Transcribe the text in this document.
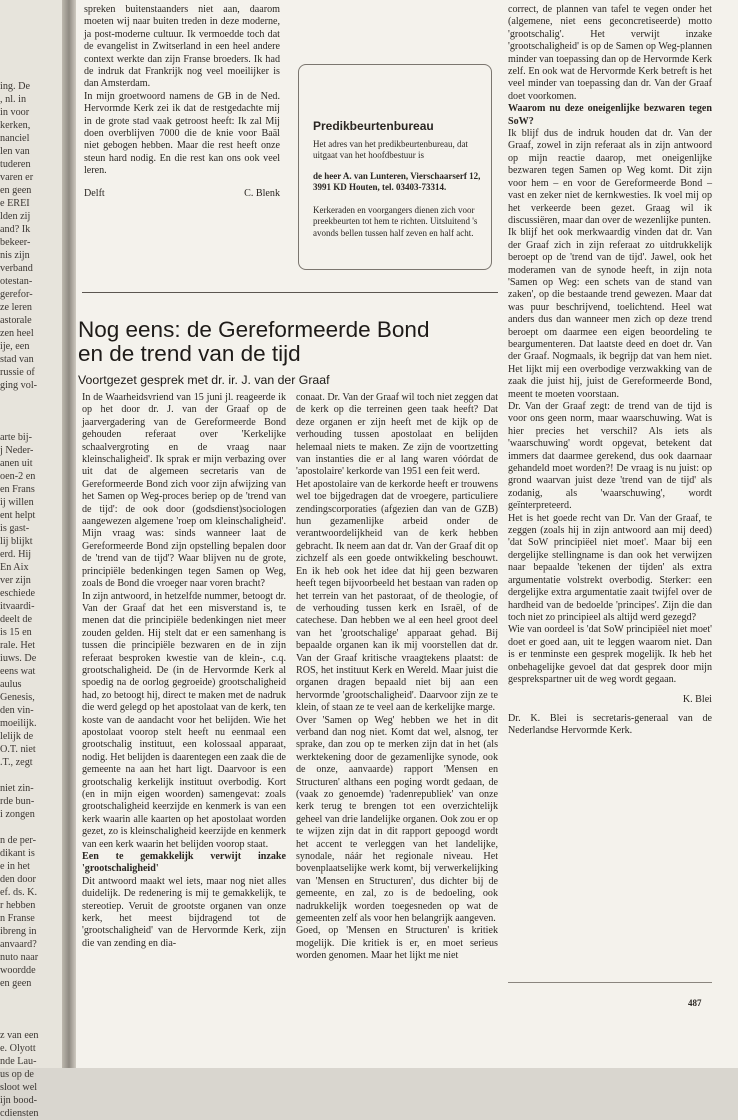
ing. De
, nl. in
in voor
kerken,
nanciel
len van
tuderen
varen er
en geen
e EREI
lden zij
and? Ik
bekeer-
nis zijn
verband
otestan-
gerefor-
ze leren
astorale
zen heel
ije, een
stad van
russie of
ging vol-
arte bij-
j Neder-
anen uit
oen-2 en
en Frans
ij willen
ent helpt
is gast-
lij blijkt
erd. Hij
En Aix
ver zijn
eschiede
itvaardi-
deelt de
is 15 en
rale. Het
iuws. De
eens wat
aulus
Genesis,
den vin-
moeilijk.
lelijk de
O.T. niet
.T., zegt
niet zin-
rde bun-
i zongen
n de per-
dikant is
e in het
den door
ef. ds. K.
r hebben
n Franse
ibreng in
anvaard?
nuto naar
woordde
en geen
z van een
e. Olyott
nde Lau-
us op de
sloot wel
ijn bood-
cdiensten

spreken buitenstaanders niet aan, daarom moeten wij naar buiten treden in deze moderne, ja post-moderne cultuur. Ik vermoedde toch dat de evangelist in Zwitserland in een heel andere context werkte dan zijn Franse broeders. Ik had de indruk dat Frankrijk nog veel moeilijker is dan Amsterdam.

In mijn groetwoord namens de GB in de Ned. Hervormde Kerk zei ik dat de restgedachte mij in de grote stad vaak getroost heeft: Ik zal Mij doen overblijven 7000 die de knie voor Baäl niet gebogen hebben. Maar die rest heeft onze steun hard nodig. En die rest kan ons ook veel leren.

Delft	C. Blenk
Predikbeurtenbureau
Het adres van het predikbeurtenbureau, dat uitgaat van het hoofdbestuur is
de heer A. van Lunteren, Vierschaarserf 12, 3991 KD Houten, tel. 03403-73314.
Kerkeraden en voorgangers dienen zich voor preekbeurten tot hem te richten. Uitsluitend 's avonds bellen tussen half zeven en half acht.
Nog eens: de Gereformeerde Bond
en de trend van de tijd
Voortgezet gesprek met dr. ir. J. van der Graaf

In de Waarheidsvriend van 15 juni jl. reageerde ik op het door dr. J. van der Graaf op de jaarvergadering van de Gereformeerde Bond gehouden referaat over 'Kerkelijke schaalvergroting en de vraag naar kleinschaligheid'. Ik sprak er mijn verbazing over uit dat de algemeen secretaris van de Gereformeerde Bond zich voor zijn afwijzing van het Samen op Weg-proces beriep op de 'trend van de tijd': de ook door (godsdienst)sociologen aangewezen algemene 'roep om kleinschaligheid'. Mijn vraag was: sinds wanneer laat de Gereformeerde Bond zijn opstelling bepalen door de 'trend van de tijd'? Waar blijven nu de grote, principiële bedenkingen tegen Samen op Weg, zoals de Bond die vroeger naar voren bracht?

In zijn antwoord, in hetzelfde nummer, betoogt dr. Van der Graaf dat het een misverstand is, te menen dat die principiële bedenkingen niet meer zouden gelden. Hij stelt dat er een samenhang is tussen die principiële bezwaren en de in zijn referaat besproken kwestie van de klein-, c.q. grootschaligheid. De (in de Hervormde Kerk al spoedig na de oorlog gegroeide) grootschaligheid had, zo betoogt hij, direct te maken met de nadruk die werd gelegd op het apostolaat van de kerk, ten koste van de aandacht voor het belijden. Wie het apostolaat voorop stelt heeft nu eenmaal een grootschalig instituut, een kolossaal apparaat, nodig. Het belijden is daarentegen een zaak die de gemeente na aan het hart ligt. Daarvoor is een grootschalig kerkelijk instituut overbodig. Kort (en in mijn eigen woorden) samengevat: zoals grootschaligheid keerzijde en kenmerk is van een kerk waarin alle kaarten op het apostolaat worden gezet, zo is kleinschaligheid keerzijde en kenmerk van een kerk waarin het belijden voorop staat.

Een te gemakkelijk verwijt inzake 'grootschaligheid'

Dit antwoord maakt wel iets, maar nog niet alles duidelijk. De redenering is mij te gemakkelijk, te stereotiep. Veruit de grootste organen van onze kerk, het meest bijdragend tot de 'grootschaligheid' van de Hervormde Kerk, zijn die van zending en dia-

conaat. Dr. Van der Graaf wil toch niet zeggen dat de kerk op die terreinen geen taak heeft? Dat deze organen er zijn heeft met de kijk op de verhouding tussen apostolaat en belijden helemaal niets te maken. Ze zijn de voortzetting van instanties die er al lang waren vóórdat de 'apostolaire' kerkorde van 1951 een feit werd.

Het apostolaire van de kerkorde heeft er trouwens wel toe bijgedragen dat de vroegere, particuliere zendingscorporaties (afgezien dan van de GZB) hun gezamenlijke arbeid onder de verantwoordelijkheid van de kerk hebben gebracht. Ik neem aan dat dr. Van der Graaf dit op zichzelf als een goede ontwikkeling beschouwt. En ik heb ook het idee dat hij geen bezwaren heeft tegen bijvoorbeeld het bestaan van raden op het terrein van het pastoraat, of de theologie, of de verhouding tussen kerk en Israël, of de catechese. Dan hebben we al een heel groot deel van het 'grootschalige' apparaat gehad. Bij bepaalde organen kan ik mij voorstellen dat dr. Van der Graaf kritische vraagtekens plaatst: de ROS, het instituut Kerk en Wereld. Maar juist die organen dragen bepaald niet bij aan een hervormde 'grootschaligheid'. Daarvoor zijn ze te klein, of staan ze te veel aan de kerkelijke marge.

Over 'Samen op Weg' hebben we het in dit verband dan nog niet. Komt dat wel, alsnog, ter sprake, dan zou op te merken zijn dat in het (als werktekening door de gezamenlijke synode, ook de onze, aanvaarde) rapport 'Mensen en Structuren' althans een poging wordt gedaan, de (vaak zo genoemde) 'radenrepubliek' van onze kerk terug te brengen tot een overzichtelijk geheel van drie landelijke organen. Ook zou er op te wijzen zijn dat in dit rapport gepoogd wordt het accent te verleggen van het landelijke, synodale, náár het regionale niveau. Het bovenplaatselijke werk komt, bij verwerkelijking van 'Mensen en Structuren', dus dichter bij de gemeente, en zal, zo is de bedoeling, ook nadrukkelijk worden toegesneden op wat de gemeenten zelf als voor hen belangrijk aangeven.

Goed, op 'Mensen en Structuren' is kritiek mogelijk. Die kritiek is er, en moet serieus worden genomen. Maar het lijkt me niet

correct, de plannen van tafel te vegen onder het (algemene, niet eens geconcretiseerde) motto 'grootschalig'. Het verwijt inzake 'grootschaligheid' is op de Samen op Weg-plannen minder van toepassing dan op de Hervormde Kerk zelf. En ook wat de Hervormde Kerk betreft is het veel minder van toepassing dan dr. Van der Graaf doet voorkomen.

Waarom nu deze oneigenlijke bezwaren tegen SoW?

Ik blijf dus de indruk houden dat dr. Van der Graaf, zowel in zijn referaat als in zijn antwoord op mijn reactie daarop, met oneigenlijke bezwaren tegen Samen op Weg komt. Dit zijn voor hem – en voor de Gereformeerde Bond – vast en zeker niet de kernkwesties. Ik voel mij op het verkeerde been gezet. Graag wil ik discussiëren, maar dan over de wezenlijke punten.

Ik blijf het ook merkwaardig vinden dat dr. Van der Graaf zich in zijn referaat zo uitdrukkelijk beroept op de 'trend van de tijd'. Jawel, ook het moderamen van de synode heeft, in zijn nota 'Samen op Weg: een schets van de stand van zaken', op die bestaande trend gewezen. Maar dat was puur beschrijvend, toelichtend. Heel wat anders dus dan wanneer men zich op deze trend beroept om daarmee een eigen beoordeling te beargumenteren. Dat laatste deed en doet dr. Van der Graaf. Nogmaals, ik begrijp dat van hem niet. Het lijkt mij een overbodige verzwakking van de zaak die juist hij, juist de Gereformeerde Bond, meent te moeten voorstaan.

Dr. Van der Graaf zegt: de trend van de tijd is voor ons geen norm, maar waarschuwing. Wat is hier precies het verschil? Als iets als 'waarschuwing' wordt opgevat, betekent dat immers dat daarmee gerekend, dus ook daarnaar gehandeld moet worden?! De vraag is nu juist: op grond waarvan juist deze 'trend van de tijd' als zodanig, als 'waarschuwing', wordt geïnterpreteerd.

Het is het goede recht van Dr. Van der Graaf, te zeggen (zoals hij in zijn antwoord aan mij deed) 'dat SoW principiëel niet moet'. Maar bij een dergelijke stellingname is dan ook het verwijzen naar bepaalde 'tekenen der tijden' als extra argumentatie volstrekt overbodig. Sterker: een dergelijke extra argumentatie zaait twijfel over de hardheid van de bedoelde 'principes'. Zijn die dan toch niet zo principieel als altijd werd gezegd?

Wie van oordeel is 'dat SoW principiëel niet moet' doet er goed aan, uit te leggen waarom niet. Dan is er tenminste een gesprek mogelijk. Ik heb het onbehagelijke gevoel dat dat gesprek door mijn gesprekspartner uit de weg wordt gegaan.

K. Blei

Dr. K. Blei is secretaris-generaal van de Nederlandse Hervormde Kerk.

487
